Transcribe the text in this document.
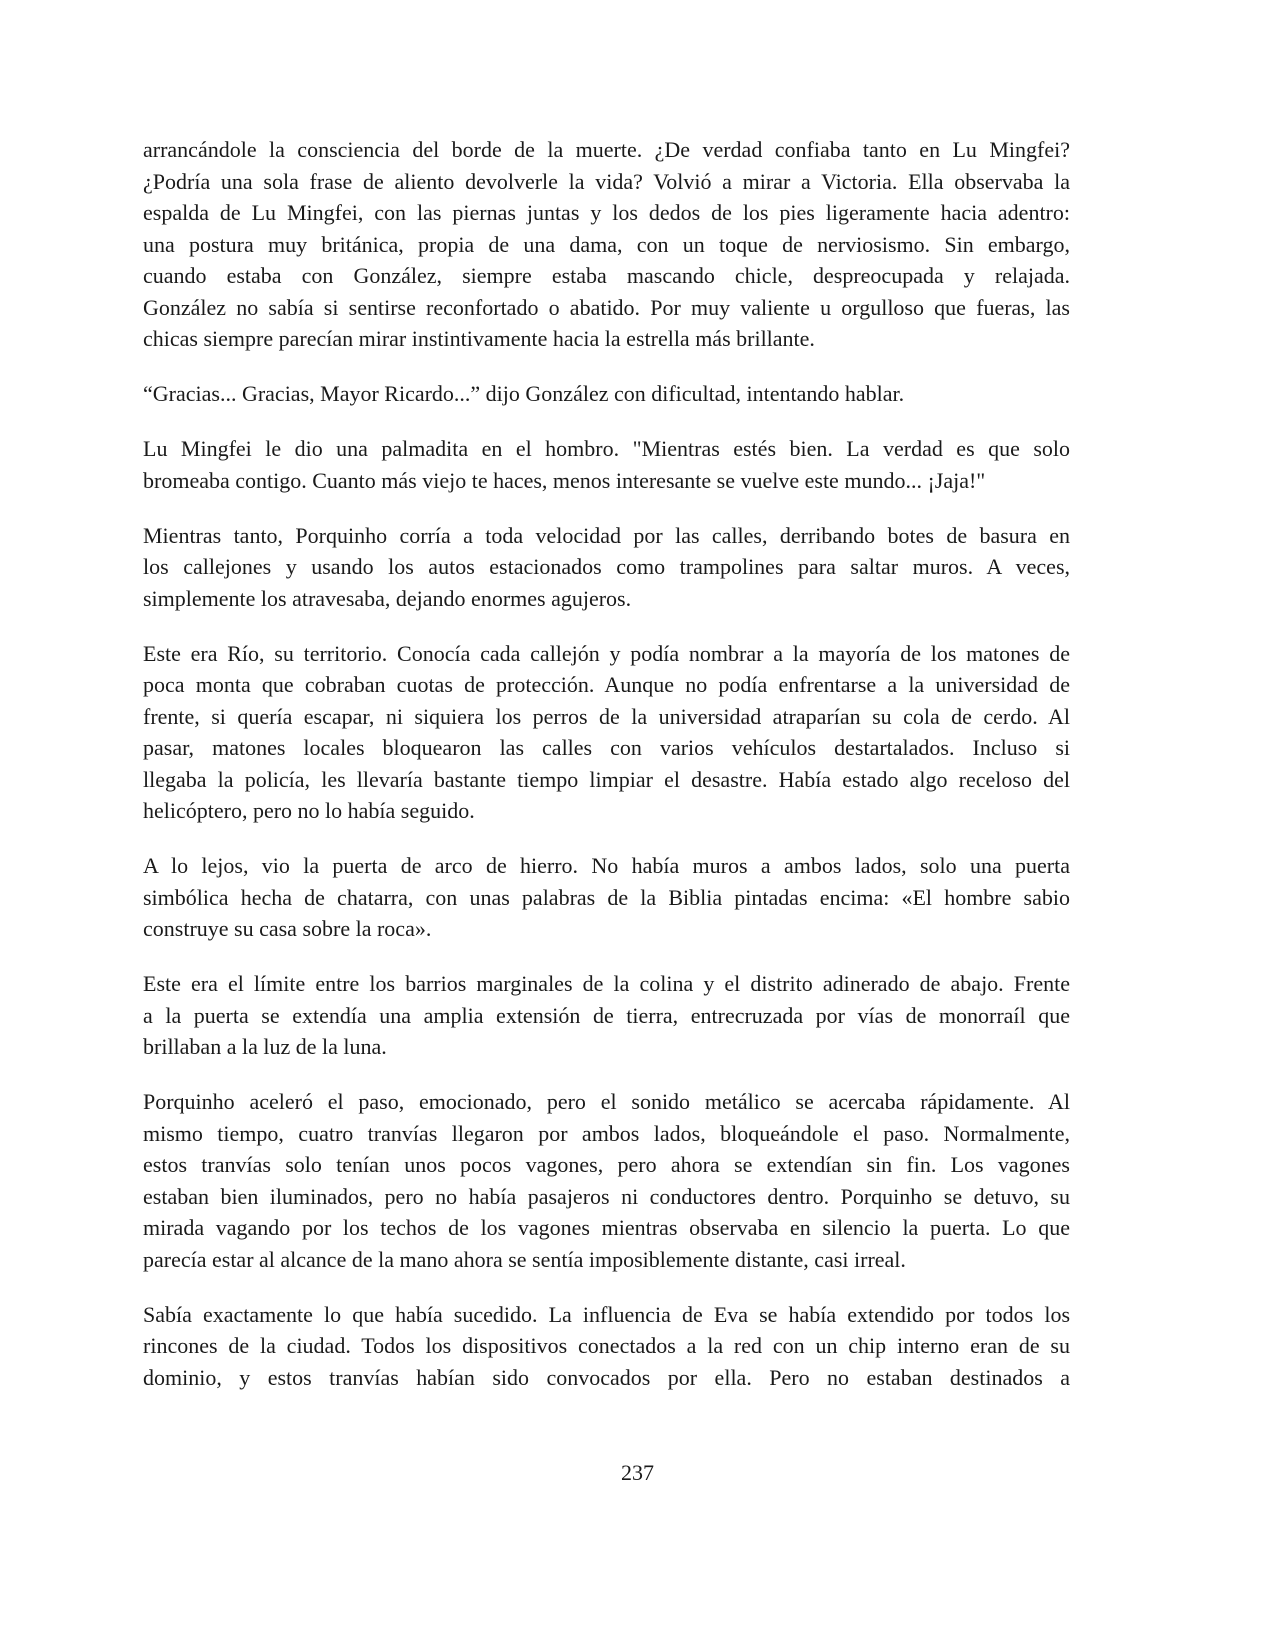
arrancándole la consciencia del borde de la muerte. ¿De verdad confiaba tanto en Lu Mingfei?
¿Podría una sola frase de aliento devolverle la vida? Volvió a mirar a Victoria. Ella observaba la
espalda de Lu Mingfei, con las piernas juntas y los dedos de los pies ligeramente hacia adentro:
una postura muy británica, propia de una dama, con un toque de nerviosismo. Sin embargo,
cuando estaba con González, siempre estaba mascando chicle, despreocupada y relajada.
González no sabía si sentirse reconfortado o abatido. Por muy valiente u orgulloso que fueras, las
chicas siempre parecían mirar instintivamente hacia la estrella más brillante.
“Gracias... Gracias, Mayor Ricardo...” dijo González con dificultad, intentando hablar.
Lu Mingfei le dio una palmadita en el hombro. "Mientras estés bien. La verdad es que solo
bromeaba contigo. Cuanto más viejo te haces, menos interesante se vuelve este mundo... ¡Jaja!"
Mientras tanto, Porquinho corría a toda velocidad por las calles, derribando botes de basura en
los callejones y usando los autos estacionados como trampolines para saltar muros. A veces,
simplemente los atravesaba, dejando enormes agujeros.
Este era Río, su territorio. Conocía cada callejón y podía nombrar a la mayoría de los matones de
poca monta que cobraban cuotas de protección. Aunque no podía enfrentarse a la universidad de
frente, si quería escapar, ni siquiera los perros de la universidad atraparían su cola de cerdo. Al
pasar, matones locales bloquearon las calles con varios vehículos destartalados. Incluso si
llegaba la policía, les llevaría bastante tiempo limpiar el desastre. Había estado algo receloso del
helicóptero, pero no lo había seguido.
A lo lejos, vio la puerta de arco de hierro. No había muros a ambos lados, solo una puerta
simbólica hecha de chatarra, con unas palabras de la Biblia pintadas encima: «El hombre sabio
construye su casa sobre la roca».
Este era el límite entre los barrios marginales de la colina y el distrito adinerado de abajo. Frente
a la puerta se extendía una amplia extensión de tierra, entrecruzada por vías de monorraíl que
brillaban a la luz de la luna.
Porquinho aceleró el paso, emocionado, pero el sonido metálico se acercaba rápidamente. Al
mismo tiempo, cuatro tranvías llegaron por ambos lados, bloqueándole el paso. Normalmente,
estos tranvías solo tenían unos pocos vagones, pero ahora se extendían sin fin. Los vagones
estaban bien iluminados, pero no había pasajeros ni conductores dentro. Porquinho se detuvo, su
mirada vagando por los techos de los vagones mientras observaba en silencio la puerta. Lo que
parecía estar al alcance de la mano ahora se sentía imposiblemente distante, casi irreal.
Sabía exactamente lo que había sucedido. La influencia de Eva se había extendido por todos los
rincones de la ciudad. Todos los dispositivos conectados a la red con un chip interno eran de su
dominio, y estos tranvías habían sido convocados por ella. Pero no estaban destinados a
237
